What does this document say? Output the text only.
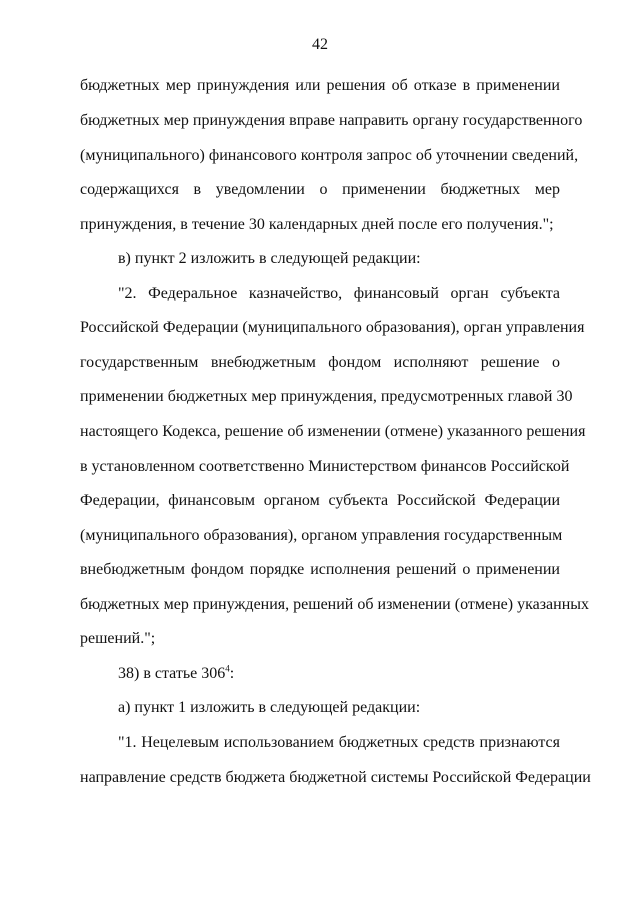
42
бюджетных мер принуждения или решения об отказе в применении
бюджетных мер принуждения вправе направить органу государственного
(муниципального) финансового контроля запрос об уточнении сведений,
содержащихся в уведомлении о применении бюджетных мер
принуждения, в течение 30 календарных дней после его получения.";
в) пункт 2 изложить в следующей редакции:
"2. Федеральное казначейство, финансовый орган субъекта
Российской Федерации (муниципального образования), орган управления
государственным внебюджетным фондом исполняют решение о
применении бюджетных мер принуждения, предусмотренных главой 30
настоящего Кодекса, решение об изменении (отмене) указанного решения
в установленном соответственно Министерством финансов Российской
Федерации, финансовым органом субъекта Российской Федерации
(муниципального образования), органом управления государственным
внебюджетным фондом порядке исполнения решений о применении
бюджетных мер принуждения, решений об изменении (отмене) указанных
решений.";
38) в статье $306^4$:
а) пункт 1 изложить в следующей редакции:
"1. Нецелевым использованием бюджетных средств признаются
направление средств бюджета бюджетной системы Российской Федерации
